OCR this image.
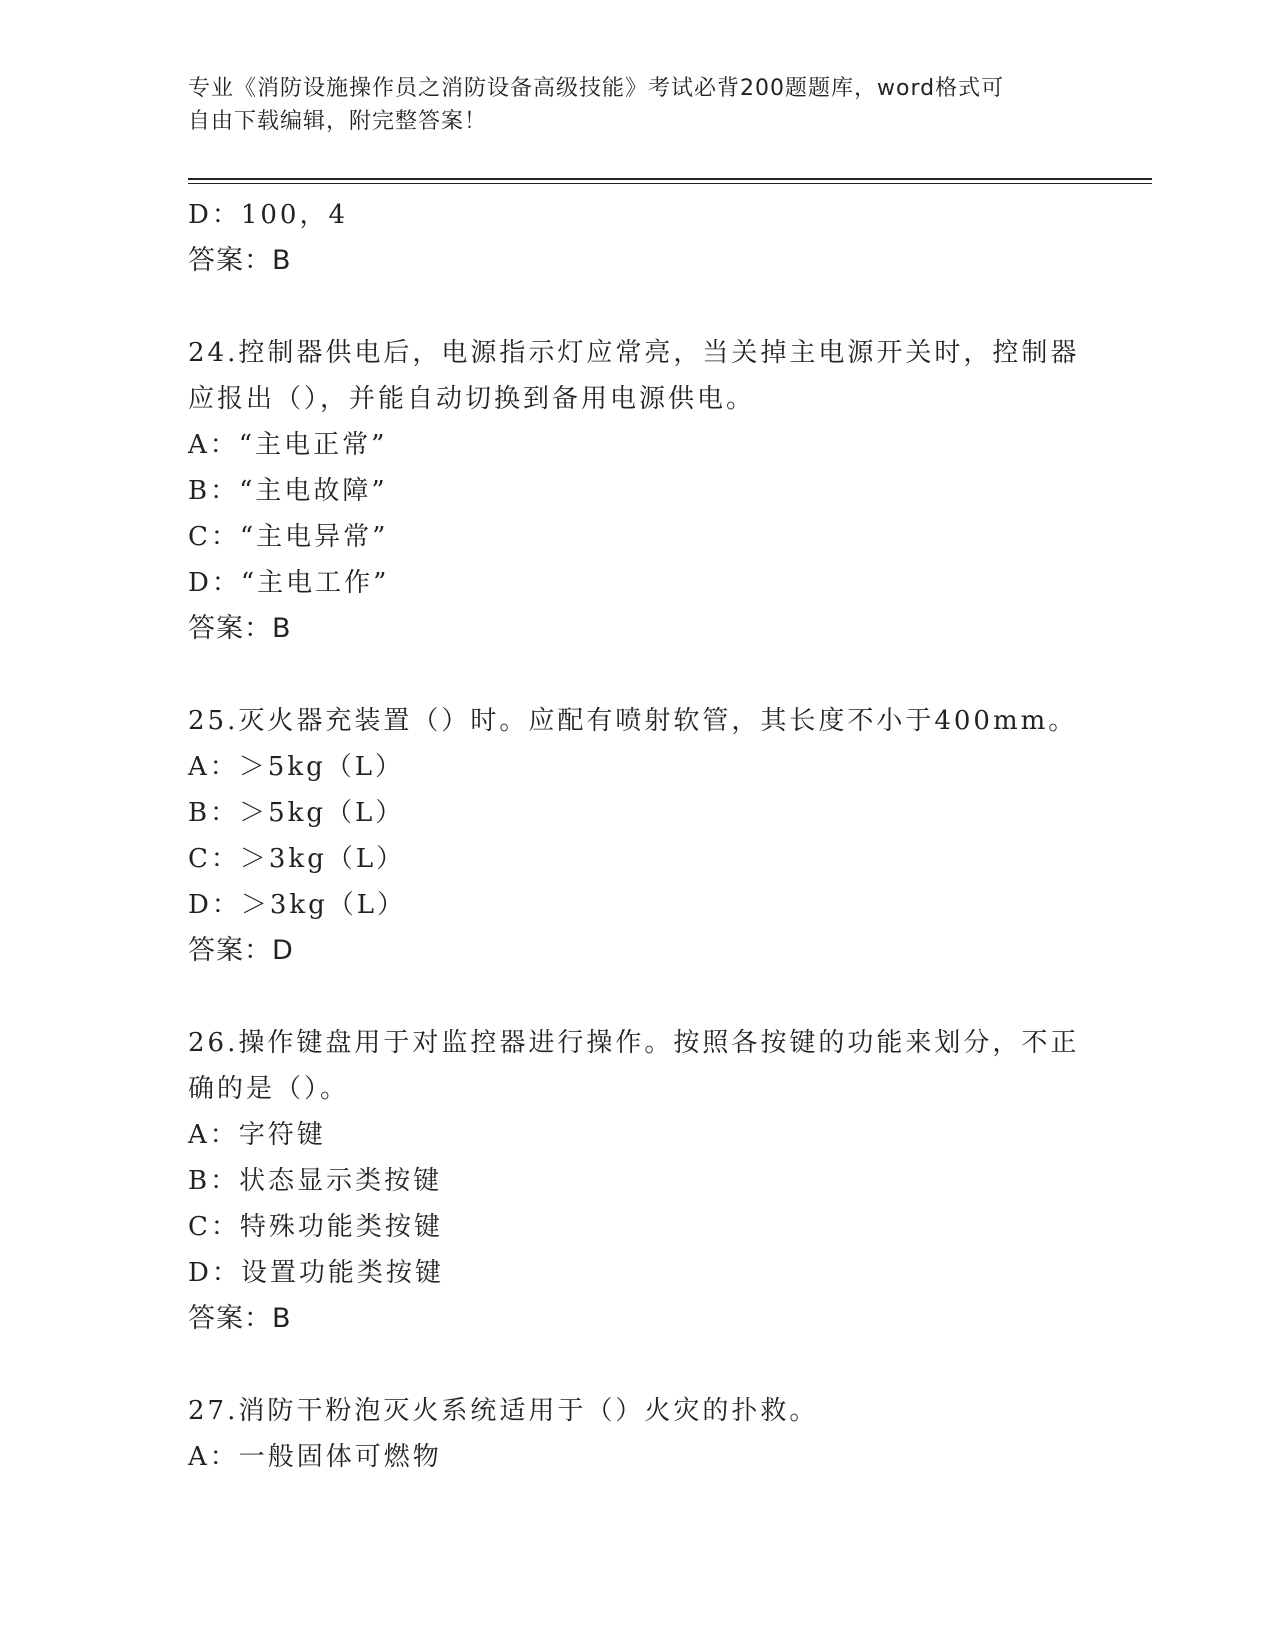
专业《消防设施操作员之消防设备高级技能》考试必背200题题库，word格式可
自由下载编辑，附完整答案！
D：100，4
答案：B
24.控制器供电后，电源指示灯应常亮，当关掉主电源开关时，控制器
应报出（），并能自动切换到备用电源供电。
A：“主电正常”
B：“主电故障”
C：“主电异常”
D：“主电工作”
答案：B
25.灭火器充装置（）时。应配有喷射软管，其长度不小于400mm。
A：＞5kg（L）
B：＞5kg（L）
C：＞3kg（L）
D：＞3kg（L）
答案：D
26.操作键盘用于对监控器进行操作。按照各按键的功能来划分，不正
确的是（）。
A：字符键
B：状态显示类按键
C：特殊功能类按键
D：设置功能类按键
答案：B
27.消防干粉泡灭火系统适用于（）火灾的扑救。
A：一般固体可燃物
